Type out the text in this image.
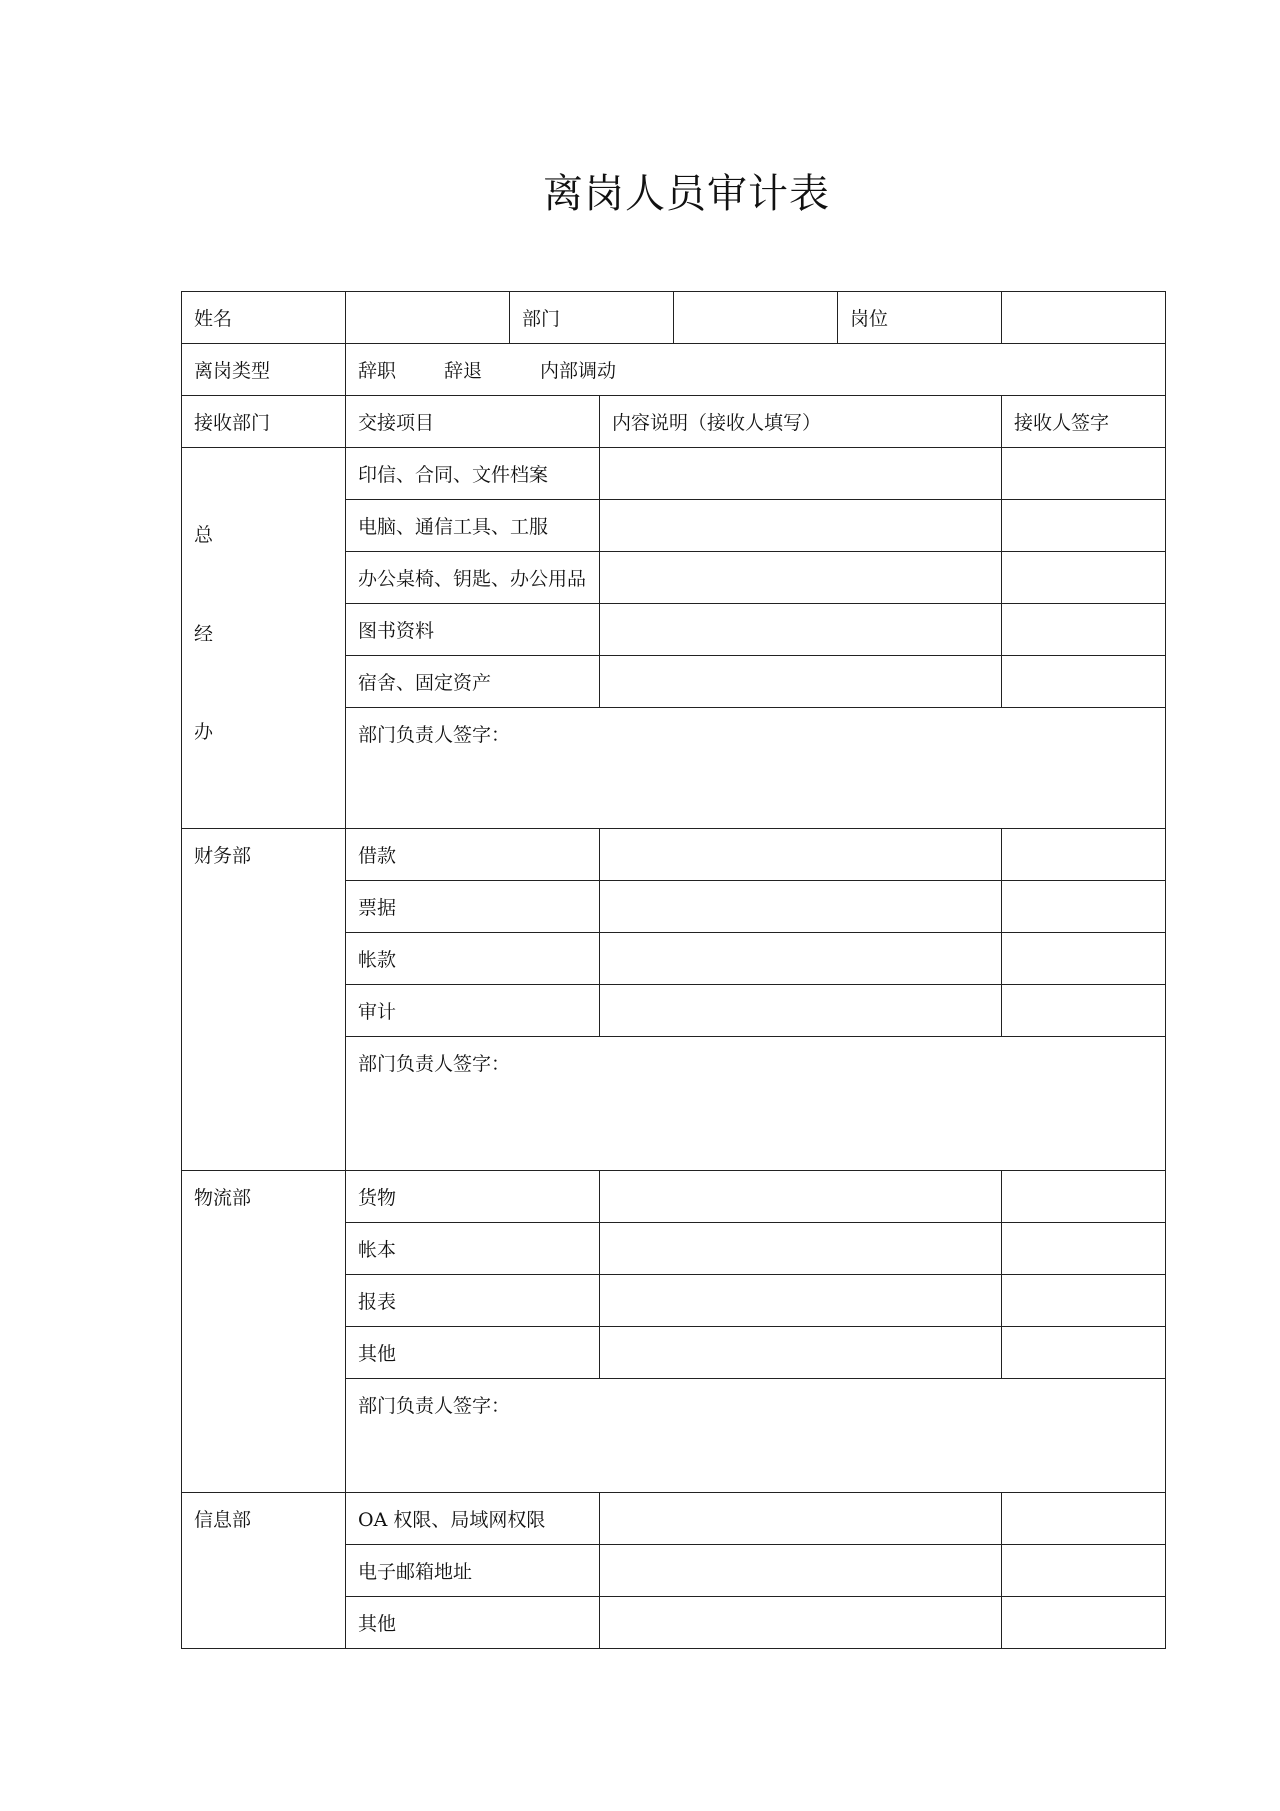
离岗人员审计表
姓名		部门			岗位	
离岗类型	辞职 辞退 内部调动					
接收部门	交接项目		内容说明（接收人填写）			接收人签字

总
经
办	印信、合同、文件档案					
	电脑、通信工具、工服					
	办公桌椅、钥匙、办公用品					
	图书资料					
	宿舍、固定资产					
	部门负责人签字：					
财务部	借款					
	票据					
	帐款					
	审计					
	部门负责人签字：					
物流部	货物					
	帐本					
	报表					
	其他					
	部门负责人签字：					
信息部	OA 权限、局域网权限					
	电子邮箱地址					
	其他					
